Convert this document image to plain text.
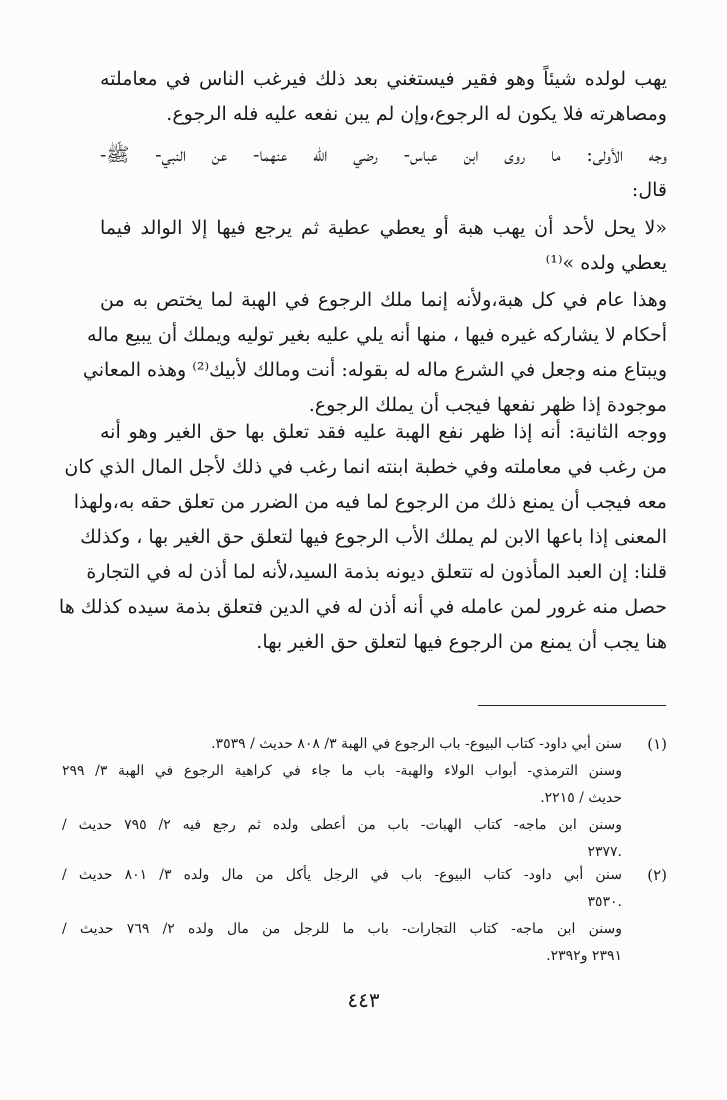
يهب لولده شيئاً وهو فقير فيستغني بعد ذلك فيرغب الناس في معاملته
ومصاهرته فلا يكون له الرجوع،وإن لم يبن نفعه عليه فله الرجوع.
وجه الأولى: ما روى ابن عباس- رضي الله عنهما- عن النبي- ﷺ-
قال:
«لا يحل لأحد أن يهب هبة أو يعطي عطية ثم يرجع فيها إلا الوالد فيما
يعطي ولده »⁽¹⁾
وهذا عام في كل هبة،ولأنه إنما ملك الرجوع في الهبة لما يختص به من
أحكام لا يشاركه غيره فيها ، منها أنه يلي عليه بغير توليه ويملك أن يبيع ماله
ويبتاع منه وجعل في الشرع ماله له بقوله: أنت ومالك لأبيك⁽²⁾ وهذه المعاني
موجودة إذا ظهر نفعها فيجب أن يملك الرجوع.
ووجه الثانية: أنه إذا ظهر نفع الهبة عليه فقد تعلق بها حق الغير وهو أنه
من رغب في معاملته وفي خطبة ابنته انما رغب في ذلك لأجل المال الذي كان
معه فيجب أن يمنع ذلك من الرجوع لما فيه من الضرر من تعلق حقه به،ولهذا
المعنى إذا باعها الابن لم يملك الأب الرجوع فيها لتعلق حق الغير بها ، وكذلك
قلنا: إن العبد المأذون له تتعلق ديونه بذمة السيد،لأنه لما أذن له في التجارة
حصل منه غرور لمن عامله في أنه أذن له في الدين فتعلق بذمة سيده كذلك ها
هنا يجب أن يمنع من الرجوع فيها لتعلق حق الغير بها.
(١)
سنن أبي داود- كتاب البيوع- باب الرجوع في الهبة ٣/ ٨٠٨ حديث / ٣٥٣٩.
وسنن الترمذي- أبواب الولاء والهبة- باب ما جاء في كراهية الرجوع في الهبة ٣/ ٢٩٩
حديث / ٢٢١٥.
وسنن ابن ماجه- كتاب الهبات- باب من أعطى ولده ثم رجع فيه ٢/ ٧٩٥ حديث /
.٢٣٧٧
(٢)
سنن أبي داود- كتاب البيوع- باب في الرجل يأكل من مال ولده ٣/ ٨٠١ حديث /
.٣٥٣٠
وسنن ابن ماجه- كتاب التجارات- باب ما للرجل من مال ولده ٢/ ٧٦٩ حديث /
٢٣٩١ و٢٣٩٢.
٤٤٣
